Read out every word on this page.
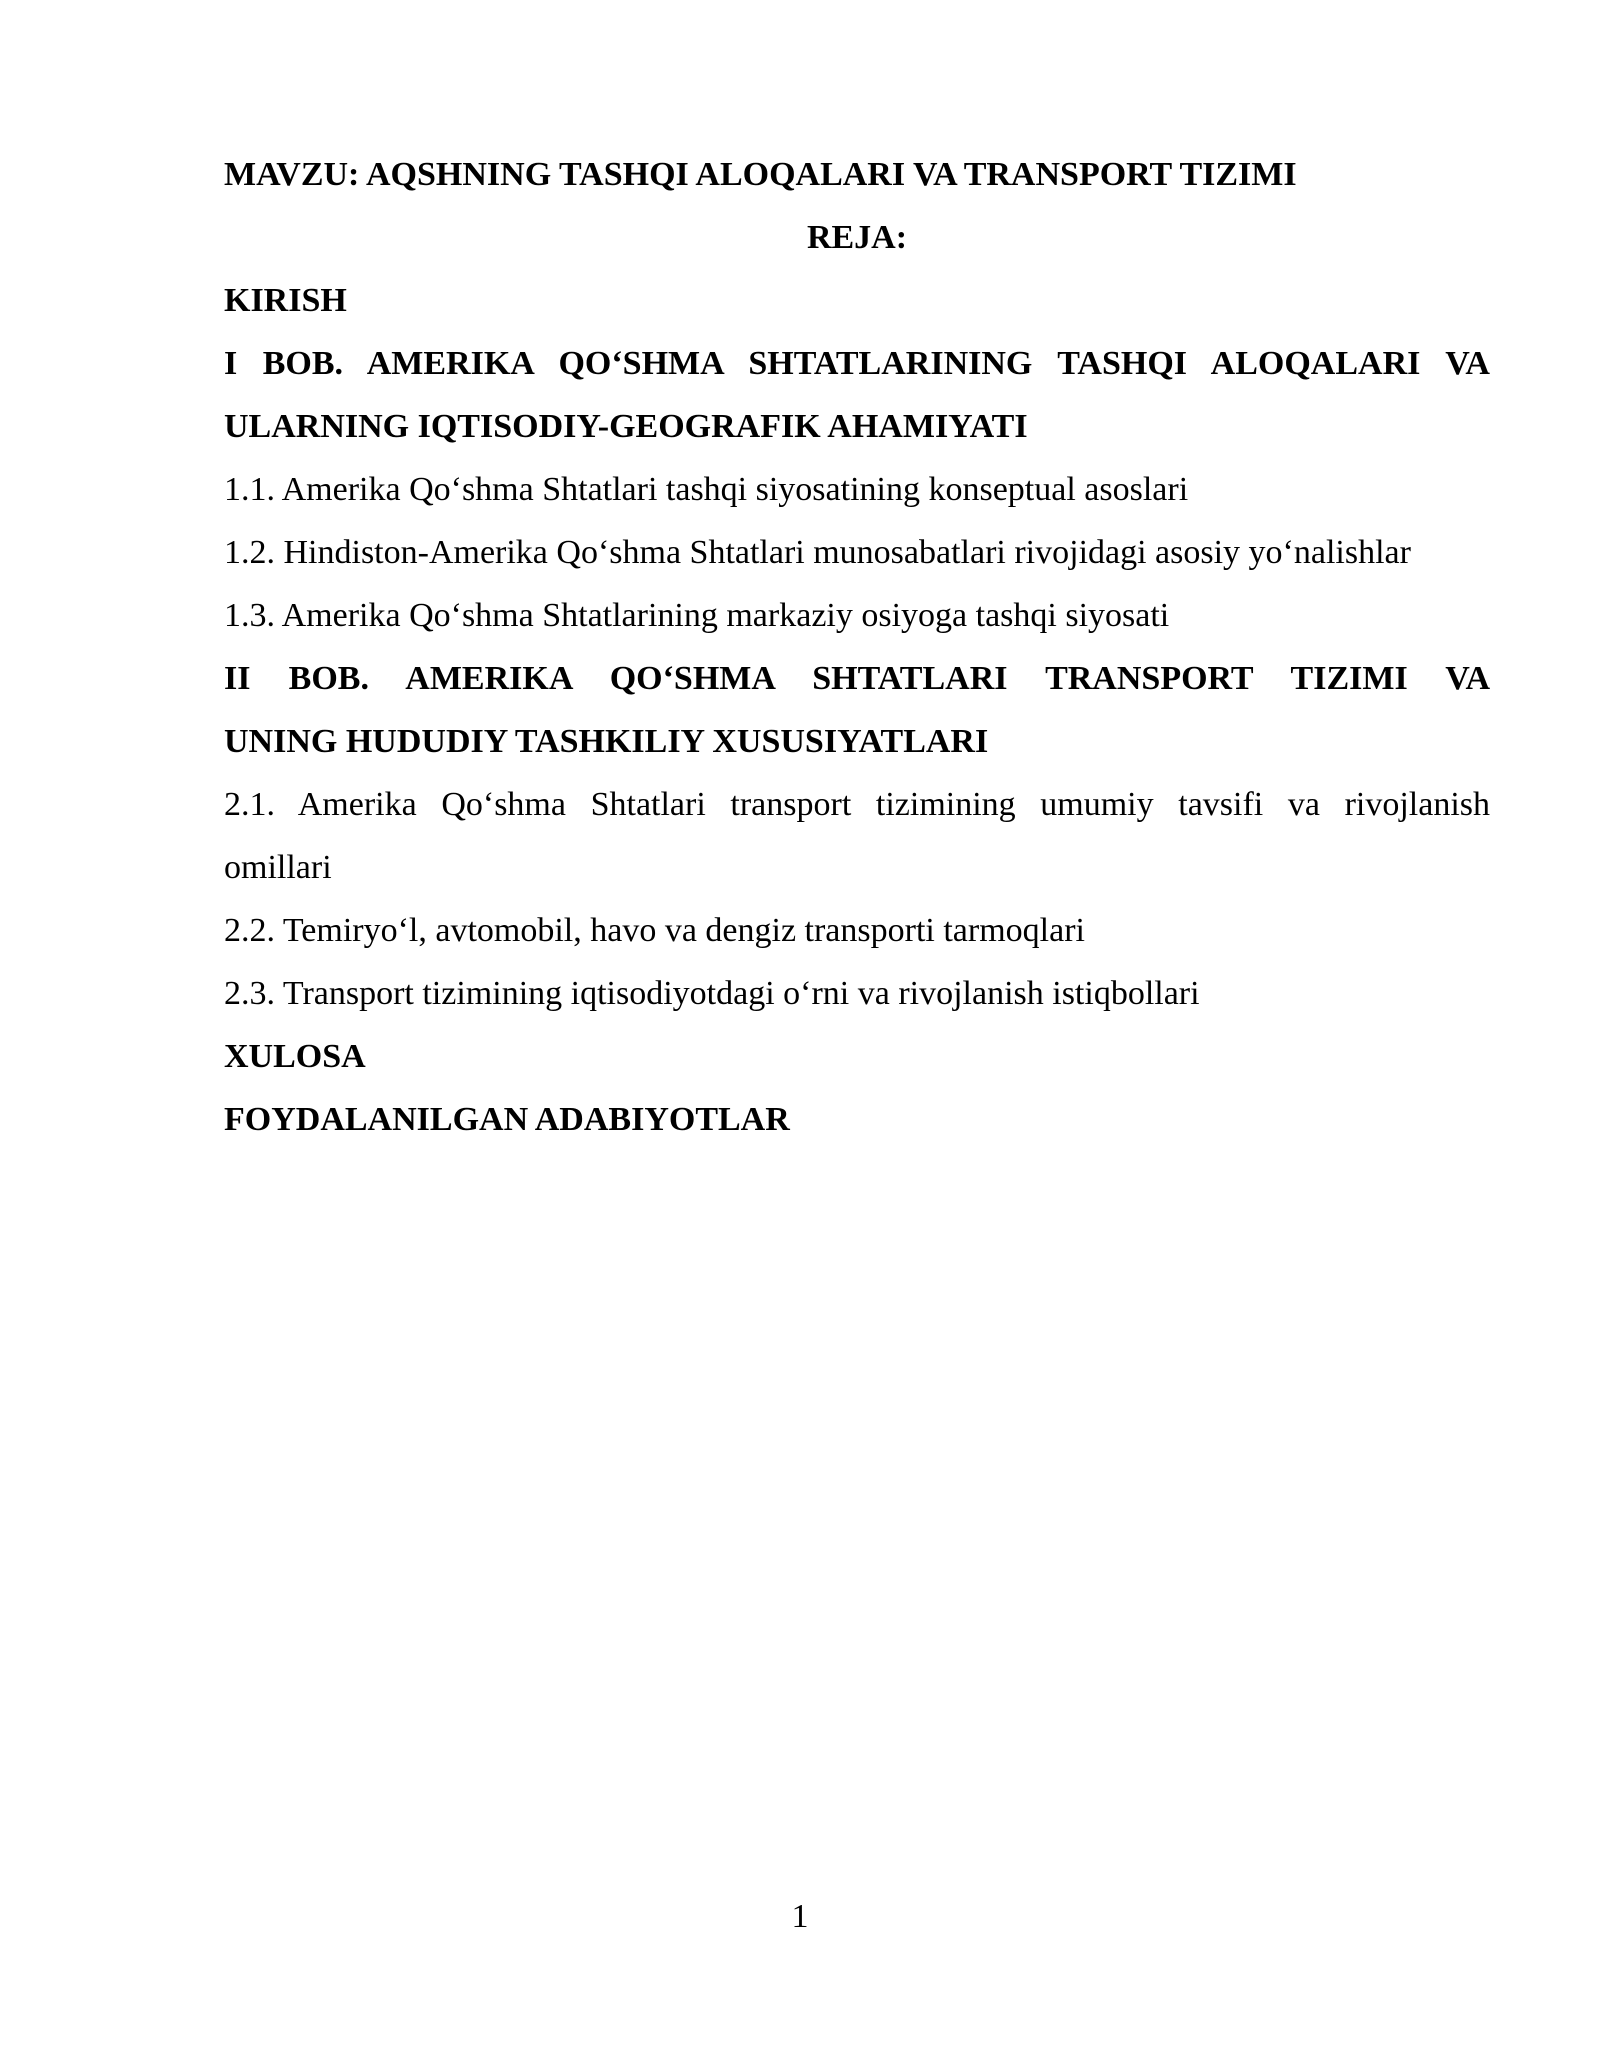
MAVZU: AQSHNING TASHQI ALOQALARI VA TRANSPORT TIZIMI

REJA:

KIRISH

I BOB. AMERIKA QO‘SHMA SHTATLARINING TASHQI ALOQALARI VA

ULARNING IQTISODIY-GEOGRAFIK AHAMIYATI

1.1. Amerika Qo‘shma Shtatlari tashqi siyosatining konseptual asoslari

1.2. Hindiston-Amerika Qo‘shma Shtatlari munosabatlari rivojidagi asosiy yo‘nalishlar

1.3. Amerika Qo‘shma Shtatlarining markaziy osiyoga tashqi siyosati

II BOB. AMERIKA QO‘SHMA SHTATLARI TRANSPORT TIZIMI VA

UNING HUDUDIY TASHKILIY XUSUSIYATLARI

2.1. Amerika Qo‘shma Shtatlari transport tizimining umumiy tavsifi va rivojlanish

omillari

2.2. Temiryo‘l, avtomobil, havo va dengiz transporti tarmoqlari

2.3. Transport tizimining iqtisodiyotdagi o‘rni va rivojlanish istiqbollari

XULOSA

FOYDALANILGAN ADABIYOTLAR

1
